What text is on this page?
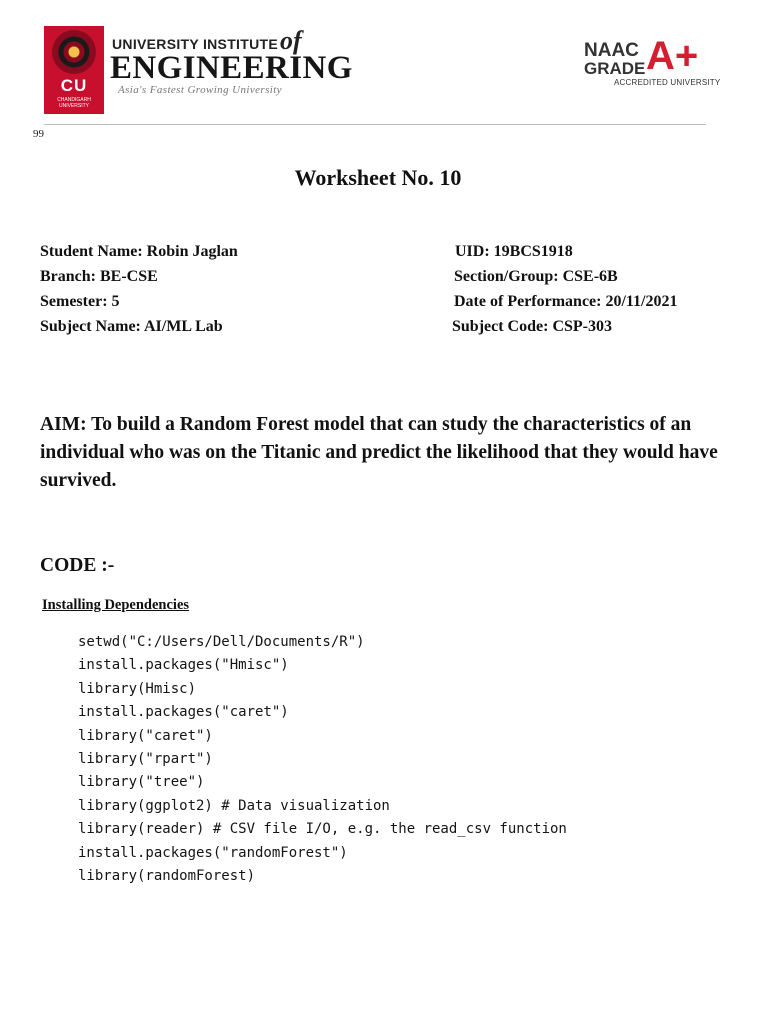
CU
CHANDIGARH UNIVERSITY
UNIVERSITY INSTITUTE of
ENGINEERING
Asia's Fastest Growing University
NAAC
GRADE A+
ACCREDITED UNIVERSITY
99
Worksheet No. 10
Student Name: Robin Jaglan	UID: 19BCS1918
Branch: BE-CSE	Section/Group: CSE-6B
Semester: 5	Date of Performance: 20/11/2021
Subject Name: AI/ML Lab	Subject Code: CSP-303
AIM: To build a Random Forest model that can study the characteristics of an individual who was on the Titanic and predict the likelihood that they would have survived.
CODE :-
Installing Dependencies
setwd("C:/Users/Dell/Documents/R")
install.packages("Hmisc")
library(Hmisc)
install.packages("caret")
library("caret")
library("rpart")
library("tree")
library(ggplot2) # Data visualization
library(reader) # CSV file I/O, e.g. the read_csv function
install.packages("randomForest")
library(randomForest)
